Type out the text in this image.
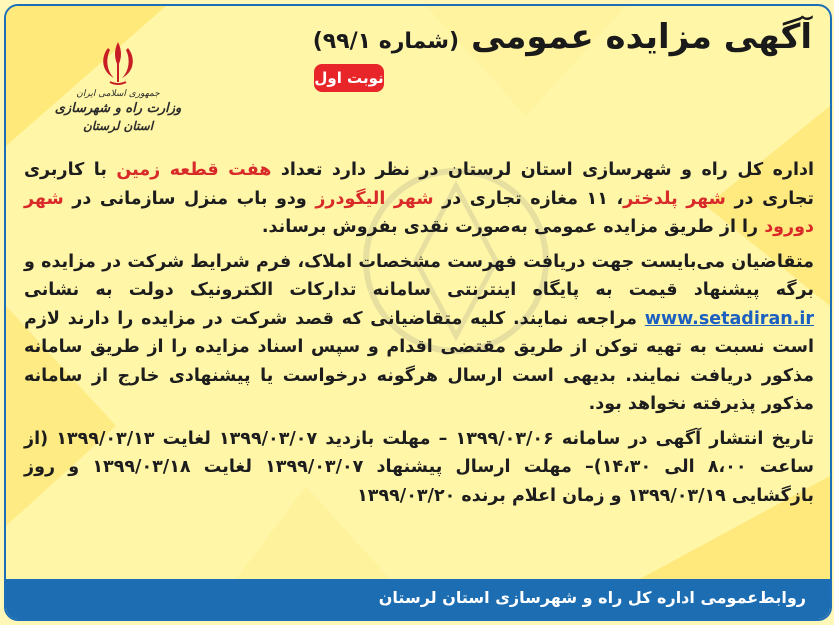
آگهی مزایده عمومی (شماره ۹۹/۱)
نوبت اول
جمهوری اسلامی ایران
وزارت راه و شهرسازی
استان لرستان

اداره کل راه و شهرسازی استان لرستان در نظر دارد تعداد هفت قطعه زمین با کاربری تجاری در شهر پلدختر، ۱۱ مغازه تجاری در شهر الیگودرز ودو باب منزل سازمانی در شهر دورود را از طریق مزایده عمومی به‌صورت نقدی بفروش برساند.

متقاضیان می‌بایست جهت دریافت فهرست مشخصات املاک، فرم شرایط شرکت در مزایده و برگه پیشنهاد قیمت به پایگاه اینترنتی سامانه تدارکات الکترونیک دولت به نشانی www.setadiran.ir مراجعه نمایند. کلیه متقاضیانی که قصد شرکت در مزایده را دارند لازم است نسبت به تهیه توکن از طریق مقتضی اقدام و سپس اسناد مزایده را از طریق سامانه مذکور دریافت نمایند. بدیهی است ارسال هرگونه درخواست یا پیشنهادی خارج از سامانه مذکور پذیرفته نخواهد بود.

تاریخ انتشار آگهی در سامانه ۱۳۹۹/۰۳/۰۶ – مهلت بازدید ۱۳۹۹/۰۳/۰۷ لغایت ۱۳۹۹/۰۳/۱۳ (از ساعت ۸،۰۰ الی ۱۴،۳۰)– مهلت ارسال پیشنهاد ۱۳۹۹/۰۳/۰۷ لغایت ۱۳۹۹/۰۳/۱۸ و روز بازگشایی ۱۳۹۹/۰۳/۱۹ و زمان اعلام برنده ۱۳۹۹/۰۳/۲۰

روابط‌عمومی اداره کل راه و شهرسازی استان لرستان
